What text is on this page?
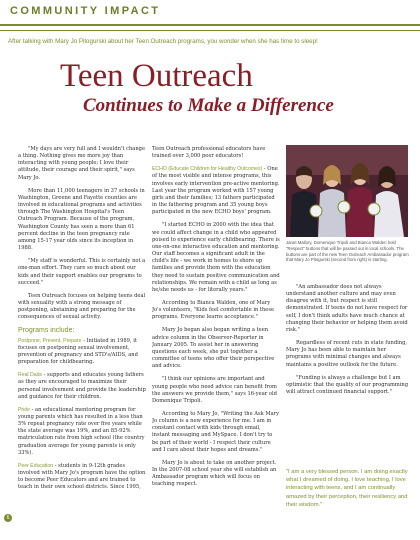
COMMUNITY IMPACT
After talking with Mary Jo Pitogurski about her Teen Outreach programs, you wonder when she has time to sleep!
Teen Outreach
Continues to Make a Difference

"My days are very full and I wouldn't change a thing. Nothing gives me more joy than interacting with young people; I love their attitude, their courage and their spirit," says Mary Jo.

More than 11,000 teenagers in 37 schools in Washington, Greene and Fayette counties are involved in educational programs and activities through The Washington Hospital's Teen Outreach Program. Because of the program, Washington County has seen a more than 61 percent decline in the teen pregnancy rate among 15-17 year olds since its inception in 1988.

"My staff is wonderful. This is certainly not a one-man effort. They care so much about our kids and their support enables our programs to succeed."

Teen Outreach focuses on helping teens deal with sexuality with a strong message of postponing, abstaining and preparing for the consequences of sexual activity.

Programs include:

Postpone, Prevent, Prepare - Initiated in 1989, it focuses on postponing sexual involvement, prevention of pregnancy and STD's/AIDS, and preparation for childbearing.

Real Dads - supports and educates young fathers as they are encouraged to maximize their personal involvement and provide the leadership and guidance for their children.

Pride - an educational mentoring program for young parents which has resulted in a less than 5% repeat pregnancy rate over five years while the state average was 19%, and an 85-92% matriculation rate from high school (the country graduation average for young parents is only 33%).

Peer Education - students in 9-12th grades involved with Mary Jo's program have the option to become Peer Educators and are trained to teach in their own school districts. Since 1995,

Teen Outreach professional educators have trained over 3,000 peer educators!

ECHO (Educate Children for Healthy Outcomes) - One of the most visible and intense programs, this involves early intervention pre-active mentoring. Last year the program worked with 157 young girls and their families; 13 fathers participated in the fathering program and 35 young boys participated in the new ECHO boys' program.

"I started ECHO in 2000 with the idea that we could affect change in a child who appeared poised to experience early childbearing. There is one-on-one interactive education and mentoring. Our staff becomes a significant adult in the child's life - we work in homes to shore up families and provide them with the education they need to sustain positive communication and relationships. We remain with a child as long as he/she needs us - for literally years."

According to Bianca Walden, one of Mary Jo's volunteers, "Kids feel comfortable in these programs. Everyone learns acceptance."

Mary Jo began also began writing a teen advice column in the Observer-Reporter in January 2005. To assist her in answering questions each week, she put together a committee of teens who offer their perspective and advice.

"I think our opinions are important and young people who need advice can benefit from the answers we provide them," says 16-year old Domenique Tripoli.

According to Mary Jo, "Writing the Ask Mary Jo column is a new experience for me. I am in constant contact with kids through email, instant messaging and MySpace. I don't try to be part of their world - I respect their culture and I care about their hopes and dreams."

Mary Jo is about to take on another project. In the 2007-08 school year she will establish an Ambassador program which will focus on teaching respect.

Janet Mallory, Domenique Tripoli and Bianca Walden hold "Respect" buttons that will be passed out in local schools. The buttons are part of the new Teen Outreach Ambassador program that Mary Jo Pitogurski (second from right) is starting.

"An ambassador does not always understand another culture and may even disagree with it, but respect is still demonstrated. If teens do not have respect for self, I don't think adults have much chance at changing their behavior or helping them avoid risk."

Regardless of recent cuts in state funding, Mary Jo has been able to maintain her programs with minimal changes and always maintains a positive outlook for the future.

"Funding is always a challenge but I am optimistic that the quality of our programming will attract continued financial support."

"I am a very blessed person. I am doing exactly what I dreamed of doing. I love teaching, I love interacting with teens, and I am continually amazed by their perception, their resiliency and their wisdom."
6
